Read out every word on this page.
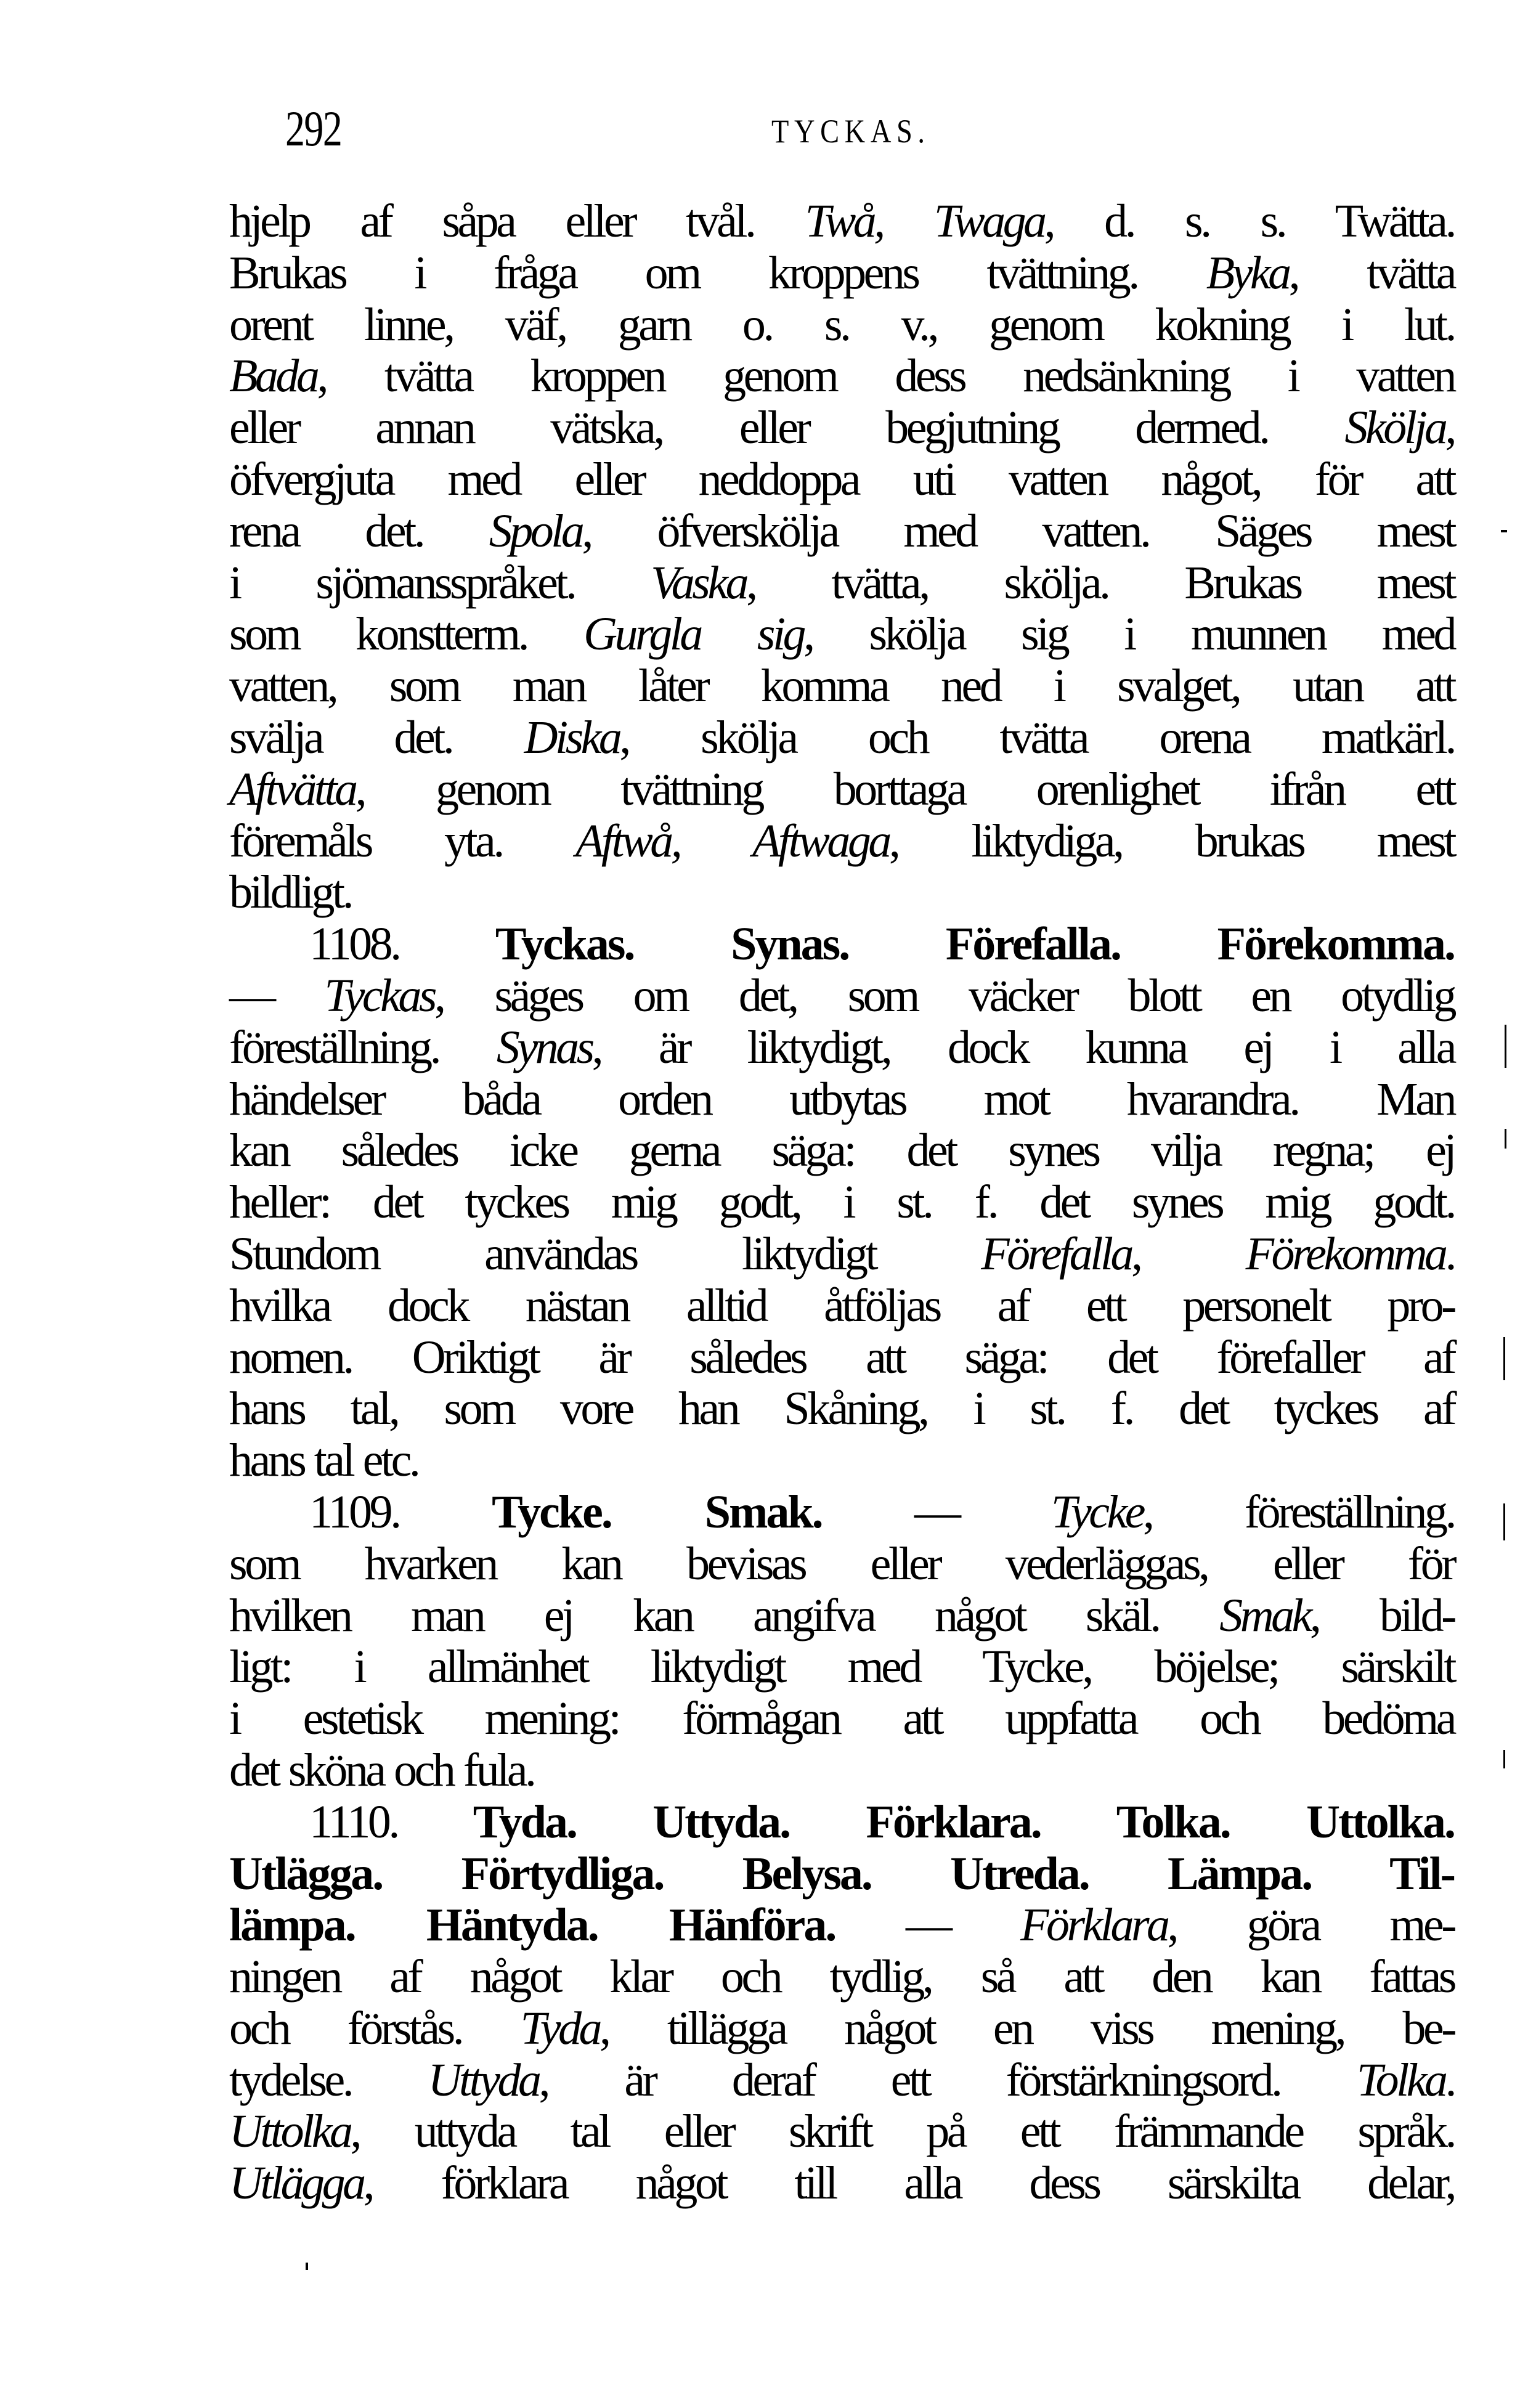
292	TYCKAS.
hjelp af såpa eller tvål. Twå, Twaga, d. s. s. Twätta.
Brukas i fråga om kroppens tvättning. Byka, tvätta
orent linne, väf, garn o. s. v., genom kokning i lut.
Bada, tvätta kroppen genom dess nedsänkning i vatten
eller annan vätska, eller begjutning dermed. Skölja,
öfvergjuta med eller neddoppa uti vatten något, för att
rena det. Spola, öfverskölja med vatten. Säges mest
i sjömansspråket. Vaska, tvätta, skölja. Brukas mest
som konstterm. Gurgla sig, skölja sig i munnen med
vatten, som man låter komma ned i svalget, utan att
svälja det. Diska, skölja och tvätta orena matkärl.
Aftvätta, genom tvättning borttaga orenlighet ifrån ett
föremåls yta. Aftwå, Aftwaga, liktydiga, brukas mest
bildligt.
1108. Tyckas. Synas. Förefalla. Förekomma.
— Tyckas, säges om det, som väcker blott en otydlig
föreställning. Synas, är liktydigt, dock kunna ej i alla
händelser båda orden utbytas mot hvarandra. Man
kan således icke gerna säga: det synes vilja regna; ej
heller: det tyckes mig godt, i st. f. det synes mig godt.
Stundom användas liktydigt Förefalla, Förekomma.
hvilka dock nästan alltid åtföljas af ett personelt pro-
nomen. Oriktigt är således att säga: det förefaller af
hans tal, som vore han Skåning, i st. f. det tyckes af
hans tal etc.
1109. Tycke. Smak. — Tycke, föreställning.
som hvarken kan bevisas eller vederläggas, eller för
hvilken man ej kan angifva något skäl. Smak, bild-
ligt: i allmänhet liktydigt med Tycke, böjelse; särskilt
i estetisk mening: förmågan att uppfatta och bedöma
det sköna och fula.
1110. Tyda. Uttyda. Förklara. Tolka. Uttolka.
Utlägga. Förtydliga. Belysa. Utreda. Lämpa. Til-
lämpa. Häntyda. Hänföra. — Förklara, göra me-
ningen af något klar och tydlig, så att den kan fattas
och förstås. Tyda, tillägga något en viss mening, be-
tydelse. Uttyda, är deraf ett förstärkningsord. Tolka.
Uttolka, uttyda tal eller skrift på ett främmande språk.
Utlägga, förklara något till alla dess särskilta delar,
